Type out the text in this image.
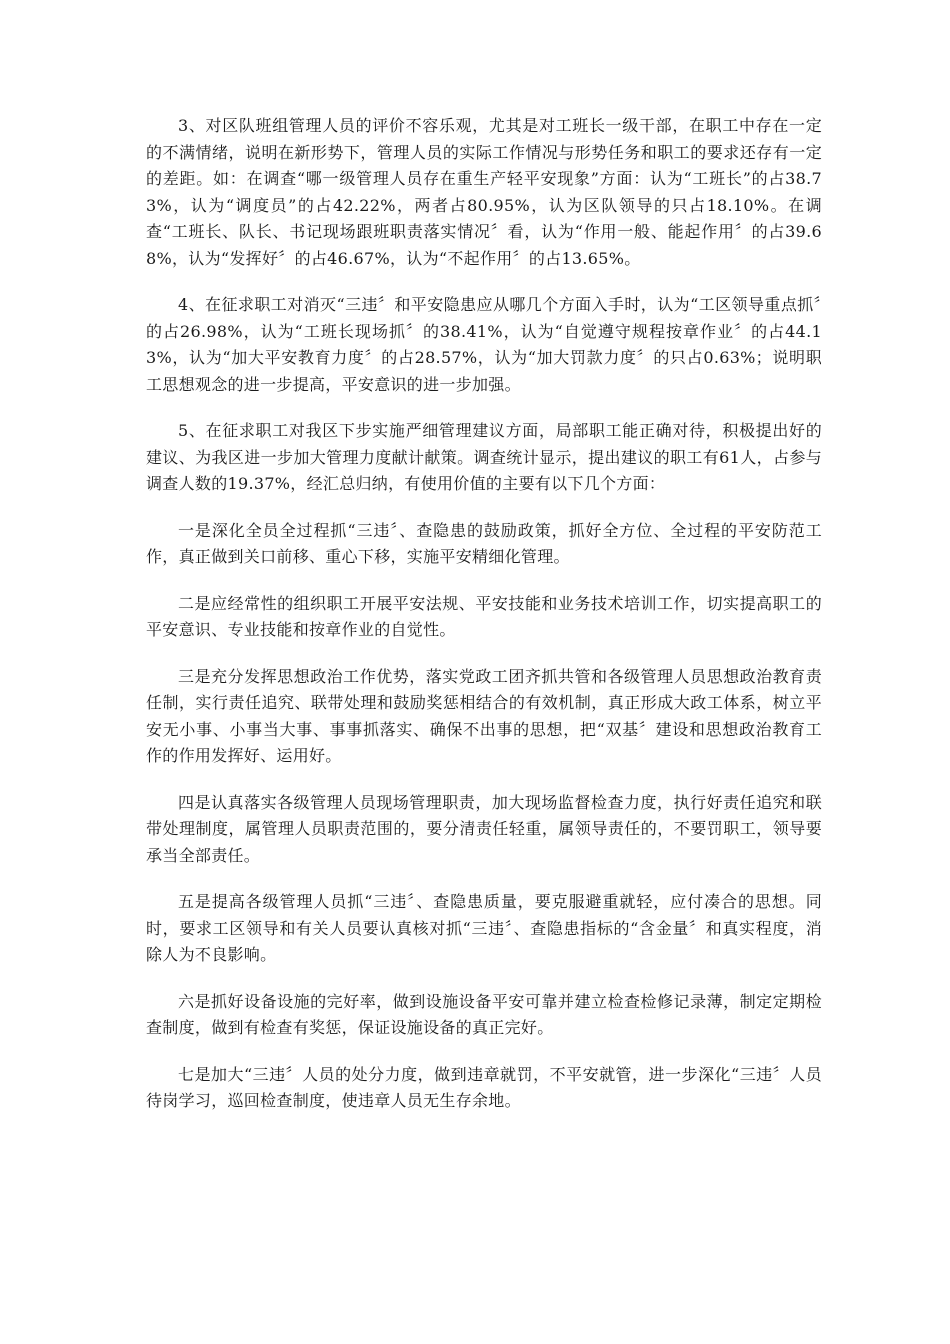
3、对区队班组管理人员的评价不容乐观，尤其是对工班长一级干部，在职工中存在一定的不满情绪，说明在新形势下，管理人员的实际工作情况与形势任务和职工的要求还存有一定的差距。如：在调查“哪一级管理人员存在重生产轻平安现象”方面：认为“工班长”的占38.73%，认为“调度员”的占42.22%，两者占80.95%，认为区队领导的只占18.10%。在调查“工班长、队长、书记现场跟班职责落实情况〞看，认为“作用一般、能起作用〞的占39.68%，认为“发挥好〞的占46.67%，认为“不起作用〞的占13.65%。

4、在征求职工对消灭“三违〞和平安隐患应从哪几个方面入手时，认为“工区领导重点抓〞的占26.98%，认为“工班长现场抓〞的38.41%，认为“自觉遵守规程按章作业〞的占44.13%，认为“加大平安教育力度〞的占28.57%，认为“加大罚款力度〞的只占0.63%；说明职工思想观念的进一步提高，平安意识的进一步加强。

5、在征求职工对我区下步实施严细管理建议方面，局部职工能正确对待，积极提出好的建议、为我区进一步加大管理力度献计献策。调查统计显示，提出建议的职工有61人，占参与调查人数的19.37%，经汇总归纳，有使用价值的主要有以下几个方面：

一是深化全员全过程抓“三违〞、查隐患的鼓励政策，抓好全方位、全过程的平安防范工作，真正做到关口前移、重心下移，实施平安精细化管理。

二是应经常性的组织职工开展平安法规、平安技能和业务技术培训工作，切实提高职工的平安意识、专业技能和按章作业的自觉性。

三是充分发挥思想政治工作优势，落实党政工团齐抓共管和各级管理人员思想政治教育责任制，实行责任追究、联带处理和鼓励奖惩相结合的有效机制，真正形成大政工体系，树立平安无小事、小事当大事、事事抓落实、确保不出事的思想，把“双基〞建设和思想政治教育工作的作用发挥好、运用好。

四是认真落实各级管理人员现场管理职责，加大现场监督检查力度，执行好责任追究和联带处理制度，属管理人员职责范围的，要分清责任轻重，属领导责任的，不要罚职工，领导要承当全部责任。

五是提高各级管理人员抓“三违〞、查隐患质量，要克服避重就轻，应付凑合的思想。同时，要求工区领导和有关人员要认真核对抓“三违〞、查隐患指标的“含金量〞和真实程度，消除人为不良影响。

六是抓好设备设施的完好率，做到设施设备平安可靠并建立检查检修记录薄，制定定期检查制度，做到有检查有奖惩，保证设施设备的真正完好。

七是加大“三违〞人员的处分力度，做到违章就罚，不平安就管，进一步深化“三违〞人员待岗学习，巡回检查制度，使违章人员无生存余地。
